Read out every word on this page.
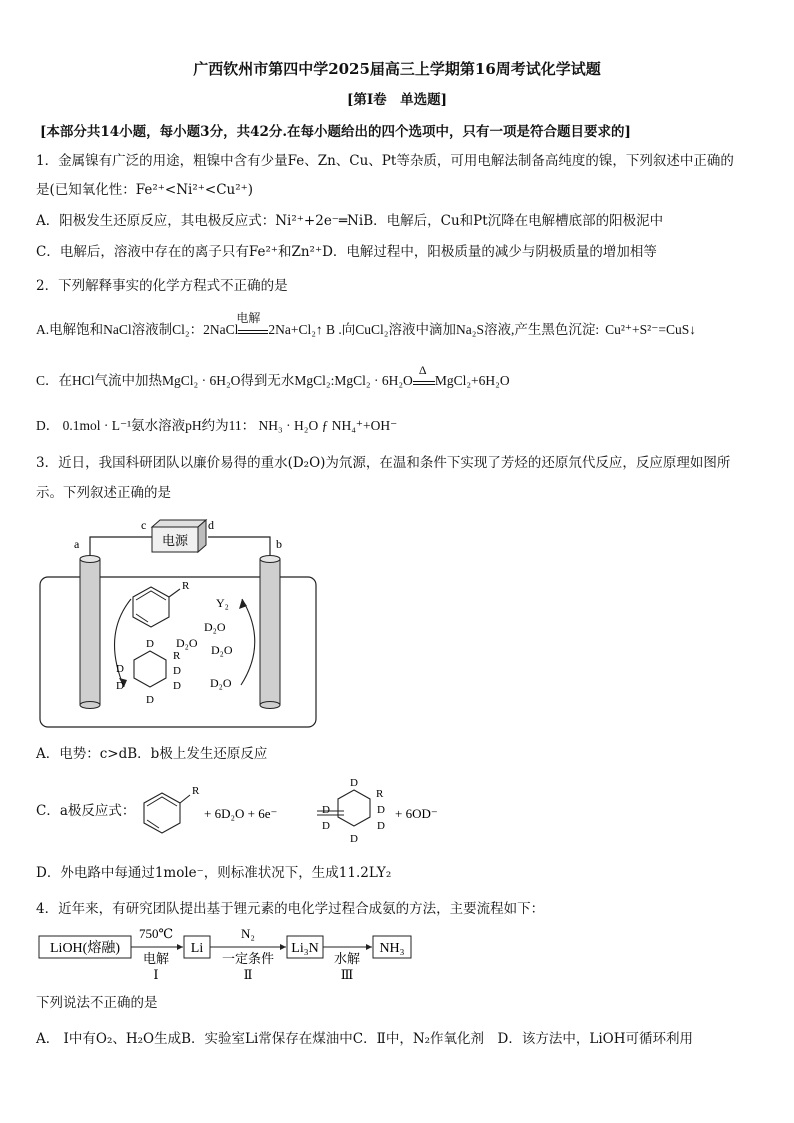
广西钦州市第四中学2025届高三上学期第16周考试化学试题
[第Ⅰ卷　单选题]
[本部分共14小题，每小题3分，共42分.在每小题给出的四个选项中，只有一项是符合题目要求的]
1．金属镍有广泛的用途，粗镍中含有少量Fe、Zn、Cu、Pt等杂质，可用电解法制备高纯度的镍，下列叙述中正确的
是(已知氧化性：Fe²⁺<Ni²⁺<Cu²⁺)
A．阳极发生还原反应，其电极反应式：Ni²⁺+2e⁻═NiB．电解后，Cu和Pt沉降在电解槽底部的阳极泥中
C．电解后，溶液中存在的离子只有Fe²⁺和Zn²⁺D．电解过程中，阳极质量的减少与阴极质量的增加相等
2．下列解释事实的化学方程式不正确的是
A.电解饱和NaCl溶液制Cl₂：2NaCl
电解
2Na+Cl₂↑ B .向CuCl₂溶液中滴加Na₂S溶液,产生黑色沉淀: Cu²⁺+S²⁻=CuS↓
C．在HCl气流中加热MgCl₂ · 6H₂O得到无水MgCl₂:MgCl₂ · 6H₂O
Δ
MgCl₂+6H₂O
D． 0.1mol · L⁻¹氨水溶液pH约为11： NH₃ · H₂O ƒ NH₄⁺+OH⁻
3．近日，我国科研团队以廉价易得的重水(D₂O)为氘源，在温和条件下实现了芳烃的还原氘代反应，反应原理如图所
示。下列叙述正确的是
电源
c	d
a	b
R
D
R
D	D
D	D
D
D₂O
D₂O D₂O
D₂O
Y₂
A．电势：c>dB．b极上发生还原反应
C．a极反应式：
R
+ 6D₂O + 6e⁻
D
R
D	D
D	D
D
+ 6OD⁻
D．外电路中每通过1mole⁻，则标准状况下，生成11.2LY₂
4．近年来，有研究团队提出基于锂元素的电化学过程合成氨的方法，主要流程如下：
LiOH(熔融)
750℃
电解
Ⅰ
Li
N₂
一定条件
Ⅱ
Li₃N
水解
Ⅲ
NH₃
下列说法不正确的是
A． Ⅰ中有O₂、H₂O生成B．实验室Li常保存在煤油中C．Ⅱ中，N₂作氧化剂　D．该方法中，LiOH可循环利用
